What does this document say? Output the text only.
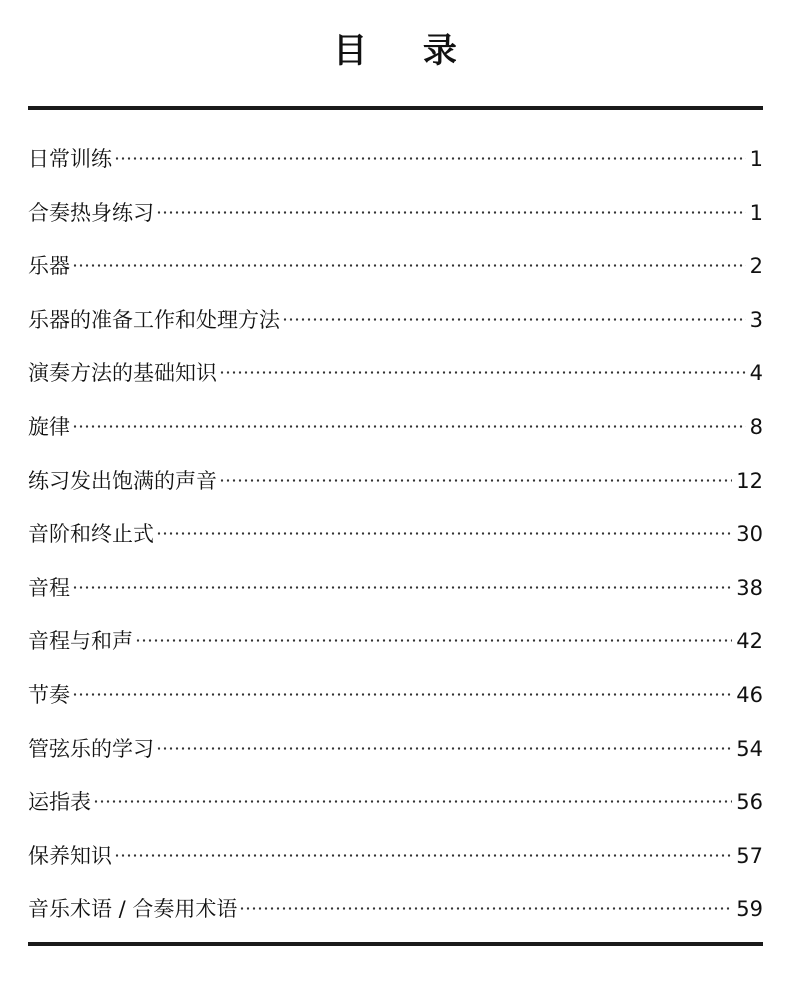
目 录
日常训练	1
合奏热身练习	1
乐器	2
乐器的准备工作和处理方法	3
演奏方法的基础知识	4
旋律	8
练习发出饱满的声音	12
音阶和终止式	30
音程	38
音程与和声	42
节奏	46
管弦乐的学习	54
运指表	56
保养知识	57
音乐术语 / 合奏用术语	59
